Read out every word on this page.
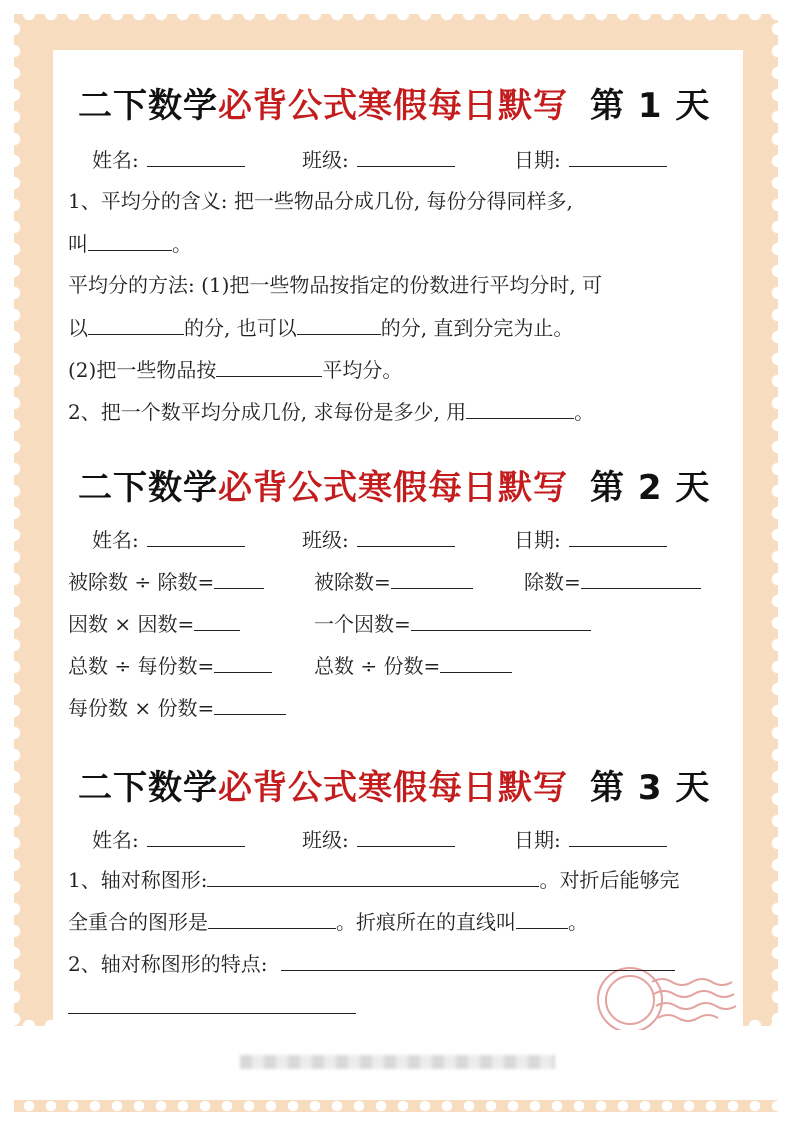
二下数学必背公式寒假每日默写 第 1 天
姓名:	班级:	日期:
1、平均分的含义: 把一些物品分成几份, 每份分得同样多,
叫	。
平均分的方法: (1)把一些物品按指定的份数进行平均分时, 可
以	的分, 也可以	的分, 直到分完为止。
(2)把一些物品按	平均分。
2、把一个数平均分成几份, 求每份是多少, 用	。
二下数学必背公式寒假每日默写 第 2 天
姓名:	班级:	日期:
被除数 ÷ 除数=	被除数=	除数=
因数 × 因数=	一个因数=
总数 ÷ 每份数=	总数 ÷ 份数=
每份数 × 份数=
二下数学必背公式寒假每日默写 第 3 天
姓名:	班级:	日期:
1、轴对称图形:	。对折后能够完
全重合的图形是	。折痕所在的直线叫	。
2、轴对称图形的特点:
